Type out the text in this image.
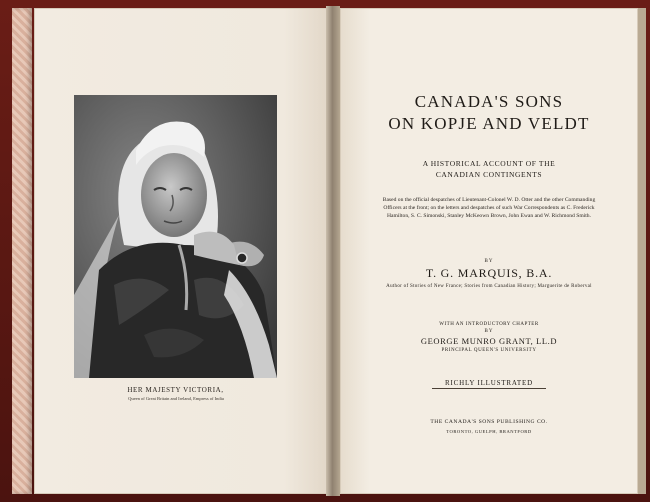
HER MAJESTY VICTORIA,
Queen of Great Britain and Ireland, Empress of India
CANADA'S SONS
ON KOPJE AND VELDT
A HISTORICAL ACCOUNT OF THE
CANADIAN CONTINGENTS
Based on the official despatches of Lieutenant-Colonel W. D. Otter and the other Commanding Officers at the front; on the letters and despatches of such War Correspondents as C. Frederick Hamilton, S. C. Simonski, Stanley McKeown Brown, John Ewan and W. Richmond Smith.
BY
T. G. MARQUIS, B.A.
Author of Stories of New France; Stories from Canadian History; Marguerite de Roberval
WITH AN INTRODUCTORY CHAPTER
BY
GEORGE MUNRO GRANT, LL.D
PRINCIPAL QUEEN'S UNIVERSITY
RICHLY ILLUSTRATED
THE CANADA'S SONS PUBLISHING CO.
TORONTO, GUELPH, BRANTFORD
